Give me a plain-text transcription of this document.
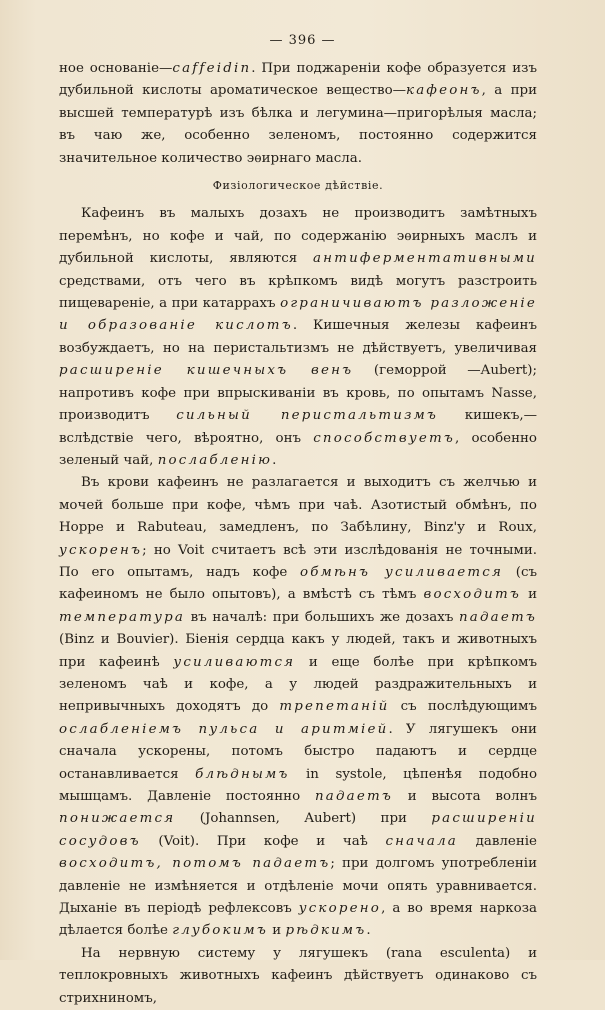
— 396 —

ное основаніе—caffeidin. При поджареніи кофе образуется изъ дубильной кислоты ароматическое вещество—кафеонъ, а при высшей температурѣ изъ бѣлка и легумина—пригорѣлыя масла; въ чаю же, особенно зеленомъ, постоянно содержится значительное количество эѳирнаго масла.

Физіологическое дѣйствіе.

Кафеинъ въ малыхъ дозахъ не производитъ замѣтныхъ перемѣнъ, но кофе и чай, по содержанію эѳирныхъ маслъ и дубильной кислоты, являются антиферментативными средствами, отъ чего въ крѣпкомъ видѣ могутъ разстроить пищевареніе, а при катаррахъ ограничиваютъ разложеніе и образованіе кислотъ. Кишечныя железы кафеинъ возбуждаетъ, но на перистальтизмъ не дѣйствуетъ, увеличивая расширеніе кишечныхъ венъ (геморрой —Aubert); напротивъ кофе при впрыскиваніи въ кровь, по опытамъ Nasse, производитъ сильный перистальтизмъ кишекъ,—вслѣдствіе чего, вѣроятно, онъ способствуетъ, особенно зеленый чай, послабленію.

Въ крови кафеинъ не разлагается и выходитъ съ желчью и мочей больше при кофе, чѣмъ при чаѣ. Азотистый обмѣнъ, по Hoppe и Rabuteau, замедленъ, по Забѣлину, Binz'у и Roux, ускоренъ; но Voit считаетъ всѣ эти изслѣдованія не точными. По его опытамъ, надъ кофе обмѣнъ усиливается (съ кафеиномъ не было опытовъ), а вмѣстѣ съ тѣмъ восходитъ и температура въ началѣ: при большихъ же дозахъ падаетъ (Binz и Bouvier). Біенія сердца какъ у людей, такъ и животныхъ при кафеинѣ усиливаются и еще болѣе при крѣпкомъ зеленомъ чаѣ и кофе, а у людей раздражительныхъ и непривычныхъ доходятъ до трепетаній съ послѣдующимъ ослабленіемъ пульса и аритміей. У лягушекъ они сначала ускорены, потомъ быстро падаютъ и сердце останавливается блѣднымъ in systole, цѣпенѣя подобно мышцамъ. Давленіе постоянно падаетъ и высота волнъ понижается (Johannsen, Aubert) при расширеніи сосудовъ (Voit). При кофе и чаѣ сначала давленіе восходитъ, потомъ падаетъ; при долгомъ употребленіи давленіе не измѣняется и отдѣленіе мочи опять уравнивается. Дыханіе въ періодѣ рефлексовъ ускорено, а во время наркоза дѣлается болѣе глубокимъ и рѣдкимъ.

На нервную систему у лягушекъ (rana esculenta) и теплокровныхъ животныхъ кафеинъ дѣйствуетъ одинаково съ стрихниномъ,
